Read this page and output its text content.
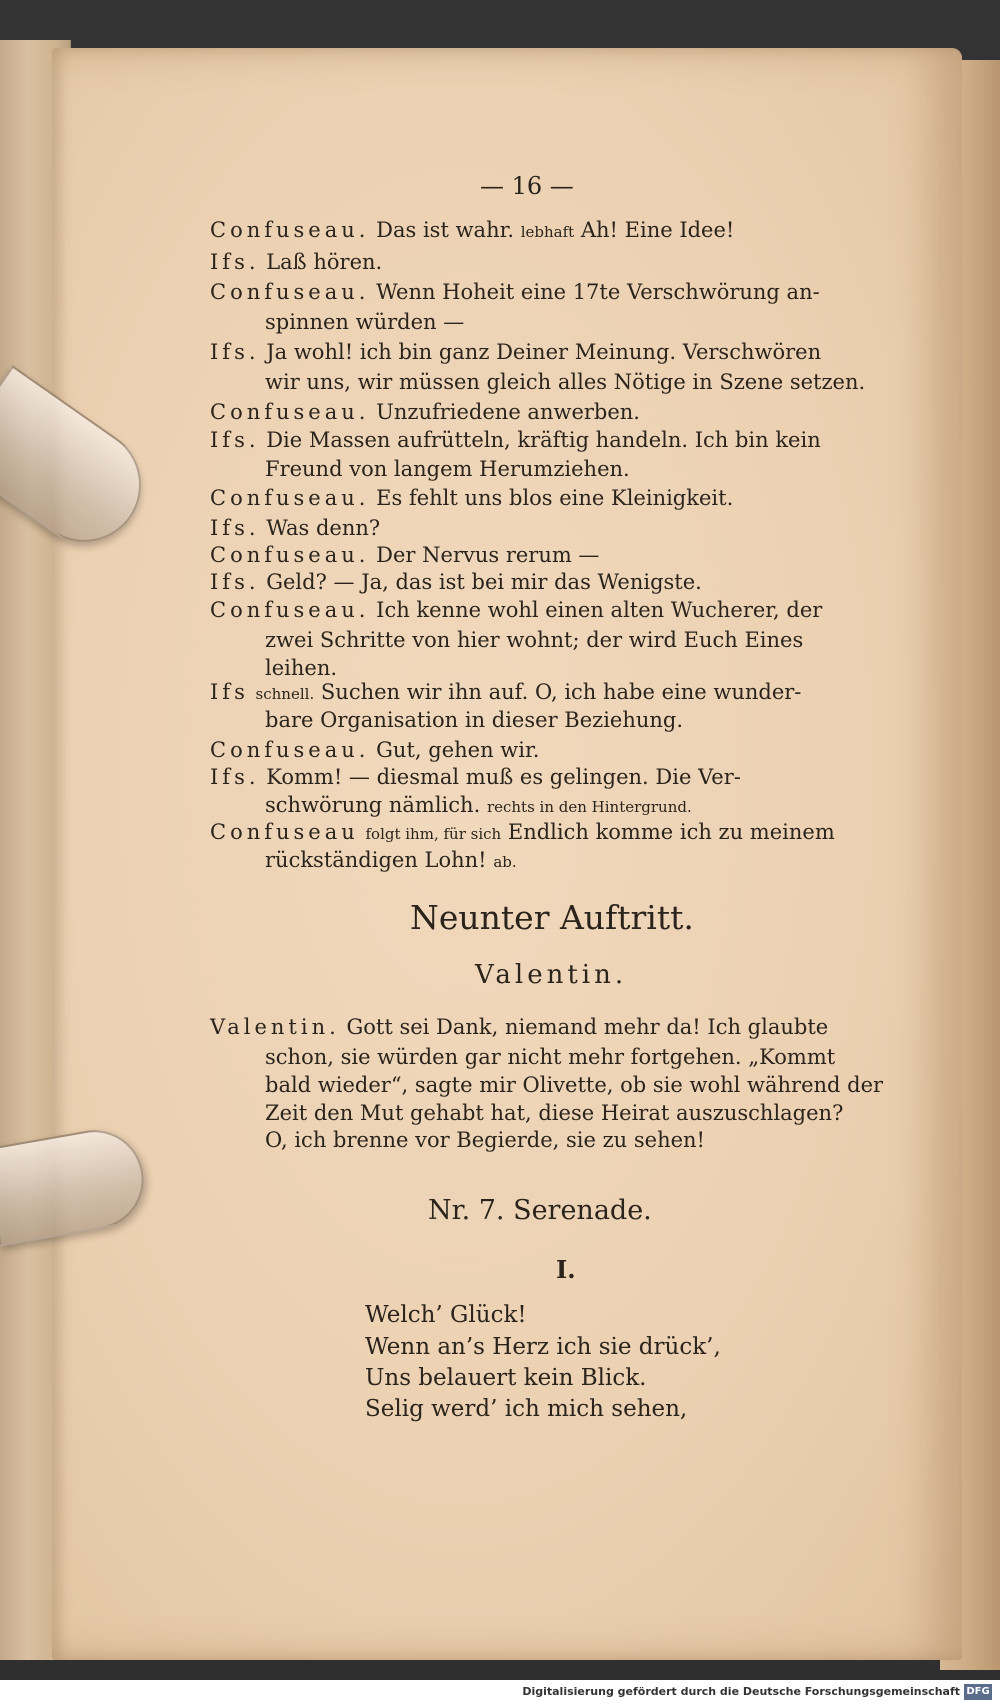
— 16 —
Confuseau. Das ist wahr. lebhaft Ah! Eine Idee!
Ifs. Laß hören.
Confuseau. Wenn Hoheit eine 17te Verschwörung an-
spinnen würden —
Ifs. Ja wohl! ich bin ganz Deiner Meinung. Verschwören
wir uns, wir müssen gleich alles Nötige in Szene setzen.
Confuseau. Unzufriedene anwerben.
Ifs. Die Massen aufrütteln, kräftig handeln. Ich bin kein
Freund von langem Herumziehen.
Confuseau. Es fehlt uns blos eine Kleinigkeit.
Ifs. Was denn?
Confuseau. Der Nervus rerum —
Ifs. Geld? — Ja, das ist bei mir das Wenigste.
Confuseau. Ich kenne wohl einen alten Wucherer, der
zwei Schritte von hier wohnt; der wird Euch Eines
leihen.
Ifs schnell. Suchen wir ihn auf. O, ich habe eine wunder-
bare Organisation in dieser Beziehung.
Confuseau. Gut, gehen wir.
Ifs. Komm! — diesmal muß es gelingen. Die Ver-
schwörung nämlich. rechts in den Hintergrund.
Confuseau folgt ihm, für sich Endlich komme ich zu meinem
rückständigen Lohn! ab.
Neunter Auftritt.
Valentin.
Valentin. Gott sei Dank, niemand mehr da! Ich glaubte
schon, sie würden gar nicht mehr fortgehen. „Kommt
bald wieder“, sagte mir Olivette, ob sie wohl während der
Zeit den Mut gehabt hat, diese Heirat auszuschlagen?
O, ich brenne vor Begierde, sie zu sehen!
Nr. 7. Serenade.
I.
Welch’ Glück!
Wenn an’s Herz ich sie drück’,
Uns belauert kein Blick.
Selig werd’ ich mich sehen,
Digitalisierung gefördert durch die Deutsche Forschungsgemeinschaft DFG
